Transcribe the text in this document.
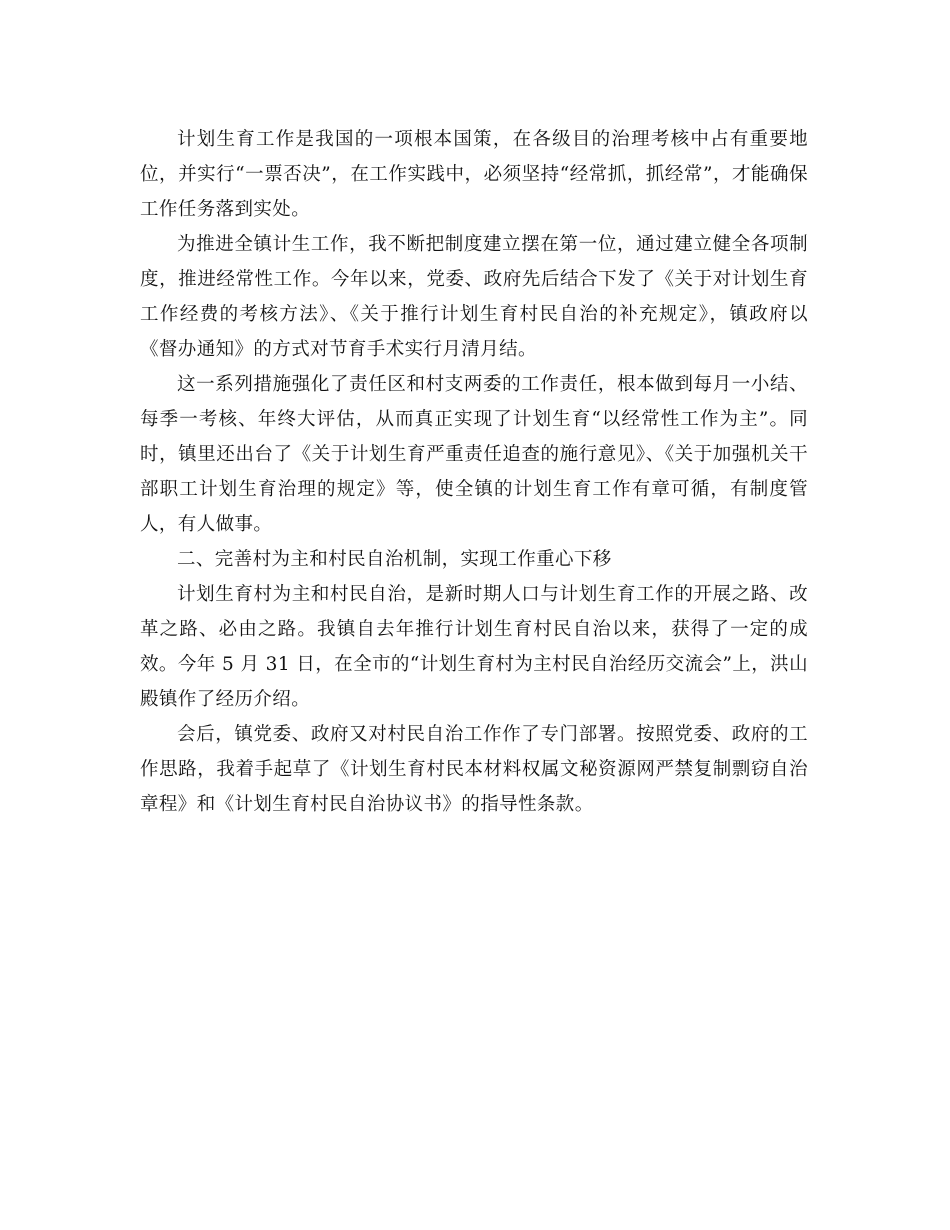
计划生育工作是我国的一项根本国策，在各级目的治理考核中占有重要地位，并实行“一票否决”，在工作实践中，必须坚持“经常抓，抓经常”，才能确保工作任务落到实处。

为推进全镇计生工作，我不断把制度建立摆在第一位，通过建立健全各项制度，推进经常性工作。今年以来，党委、政府先后结合下发了《关于对计划生育工作经费的考核方法》、《关于推行计划生育村民自治的补充规定》，镇政府以《督办通知》的方式对节育手术实行月清月结。

这一系列措施强化了责任区和村支两委的工作责任，根本做到每月一小结、每季一考核、年终大评估，从而真正实现了计划生育“以经常性工作为主”。同时，镇里还出台了《关于计划生育严重责任追查的施行意见》、《关于加强机关干部职工计划生育治理的规定》等，使全镇的计划生育工作有章可循，有制度管人，有人做事。

二、完善村为主和村民自治机制，实现工作重心下移

计划生育村为主和村民自治，是新时期人口与计划生育工作的开展之路、改革之路、必由之路。我镇自去年推行计划生育村民自治以来，获得了一定的成效。今年 5 月 31 日，在全市的“计划生育村为主村民自治经历交流会”上，洪山殿镇作了经历介绍。

会后，镇党委、政府又对村民自治工作作了专门部署。按照党委、政府的工作思路，我着手起草了《计划生育村民本材料权属文秘资源网严禁复制剽窃自治章程》和《计划生育村民自治协议书》的指导性条款。
